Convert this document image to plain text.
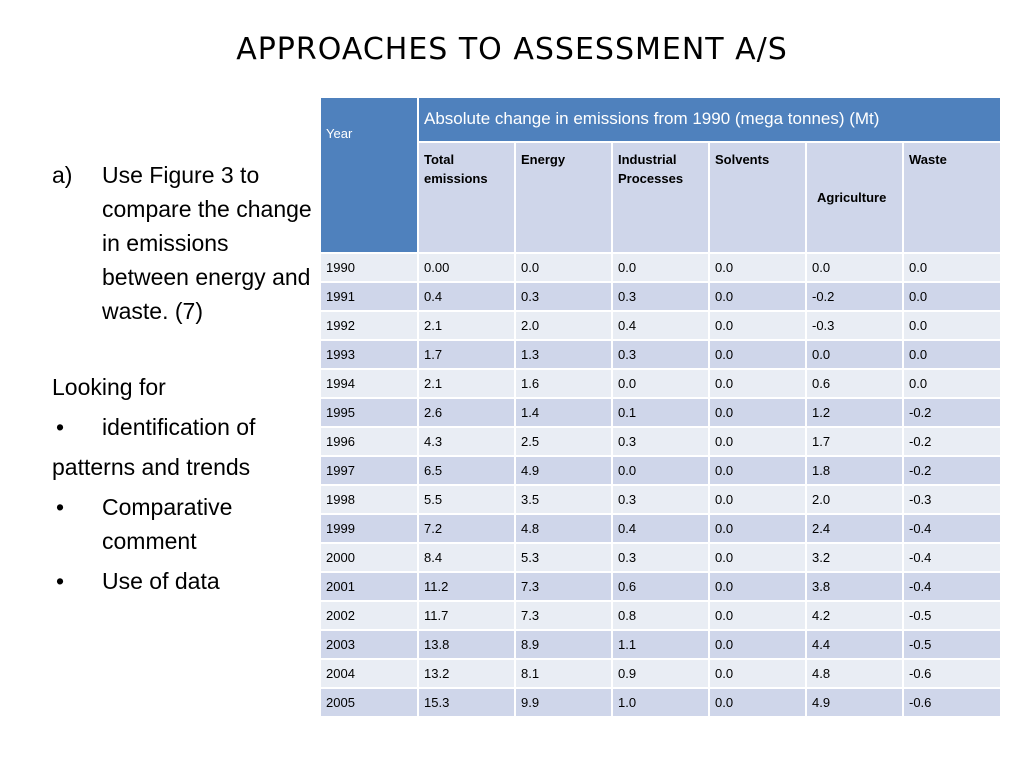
APPROACHES TO ASSESSMENT A/S
a)	Use Figure 3 to compare the change in emissions between energy and waste. (7)
Looking for
•	identification of
patterns and trends
•	Comparative comment
•	Use of data
Year	Absolute change in emissions from 1990 (mega tonnes) (Mt)					
	Total emissions	Energy	Industrial Processes	Solvents	Agriculture	Waste
1990	0.00	0.0	0.0	0.0	0.0	0.0
1991	0.4	0.3	0.3	0.0	-0.2	0.0
1992	2.1	2.0	0.4	0.0	-0.3	0.0
1993	1.7	1.3	0.3	0.0	0.0	0.0
1994	2.1	1.6	0.0	0.0	0.6	0.0
1995	2.6	1.4	0.1	0.0	1.2	-0.2
1996	4.3	2.5	0.3	0.0	1.7	-0.2
1997	6.5	4.9	0.0	0.0	1.8	-0.2
1998	5.5	3.5	0.3	0.0	2.0	-0.3
1999	7.2	4.8	0.4	0.0	2.4	-0.4
2000	8.4	5.3	0.3	0.0	3.2	-0.4
2001	11.2	7.3	0.6	0.0	3.8	-0.4
2002	11.7	7.3	0.8	0.0	4.2	-0.5
2003	13.8	8.9	1.1	0.0	4.4	-0.5
2004	13.2	8.1	0.9	0.0	4.8	-0.6
2005	15.3	9.9	1.0	0.0	4.9	-0.6
